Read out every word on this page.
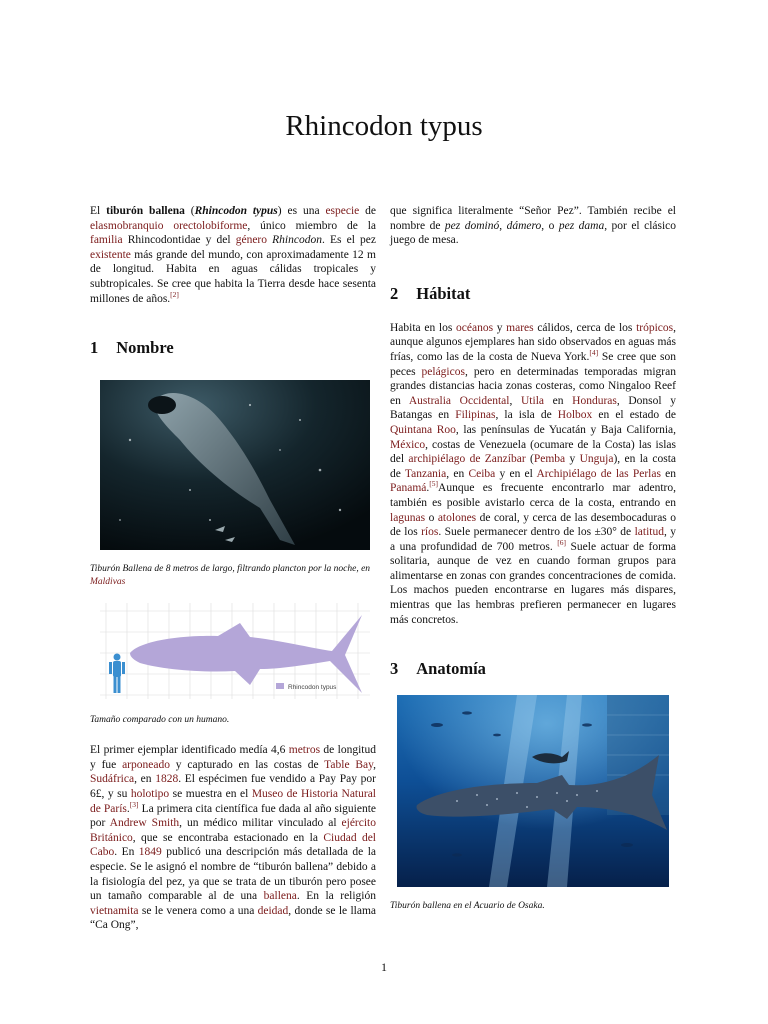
Rhincodon typus

El tiburón ballena (Rhincodon typus) es una especie de elasmobranquio orectolobiforme, único miembro de la familia Rhincodontidae y del género Rhincodon. Es el pez existente más grande del mundo, con aproximadamente 12 m de longitud. Habita en aguas cálidas tropicales y subtropicales. Se cree que habita la Tierra desde hace sesenta millones de años.[2]

1 Nombre

Tiburón Ballena de 8 metros de largo, filtrando plancton por la noche, en Maldivas

Rhincodon typus

Tamaño comparado con un humano.

El primer ejemplar identificado medía 4,6 metros de longitud y fue arponeado y capturado en las costas de Table Bay, Sudáfrica, en 1828. El espécimen fue vendido a Pay Pay por 6£, y su holotipo se muestra en el Museo de Historia Natural de París.[3] La primera cita científica fue dada al año siguiente por Andrew Smith, un médico militar vinculado al ejército Británico, que se encontraba estacionado en la Ciudad del Cabo. En 1849 publicó una descripción más detallada de la especie. Se le asignó el nombre de “tiburón ballena” debido a la fisiología del pez, ya que se trata de un tiburón pero posee un tamaño comparable al de una ballena. En la religión vietnamita se le venera como a una deidad, donde se le llama “Ca Ong”,

que significa literalmente “Señor Pez”. También recibe el nombre de pez dominó, dámero, o pez dama, por el clásico juego de mesa.

2 Hábitat

Habita en los océanos y mares cálidos, cerca de los trópicos, aunque algunos ejemplares han sido observados en aguas más frías, como las de la costa de Nueva York.[4] Se cree que son peces pelágicos, pero en determinadas temporadas migran grandes distancias hacia zonas costeras, como Ningaloo Reef en Australia Occidental, Utila en Honduras, Donsol y Batangas en Filipinas, la isla de Holbox en el estado de Quintana Roo, las penínsulas de Yucatán y Baja California, México, costas de Venezuela (ocumare de la Costa) las islas del archipiélago de Zanzíbar (Pemba y Unguja), en la costa de Tanzania, en Ceiba y en el Archipiélago de las Perlas en Panamá.[5]Aunque es frecuente encontrarlo mar adentro, también es posible avistarlo cerca de la costa, entrando en lagunas o atolones de coral, y cerca de las desembocaduras o de los ríos. Suele permanecer dentro de los ±30° de latitud, y a una profundidad de 700 metros. [6] Suele actuar de forma solitaria, aunque de vez en cuando forman grupos para alimentarse en zonas con grandes concentraciones de comida. Los machos pueden encontrarse en lugares más dispares, mientras que las hembras prefieren permanecer en lugares más concretos.

3 Anatomía

Tiburón ballena en el Acuario de Osaka.

1
